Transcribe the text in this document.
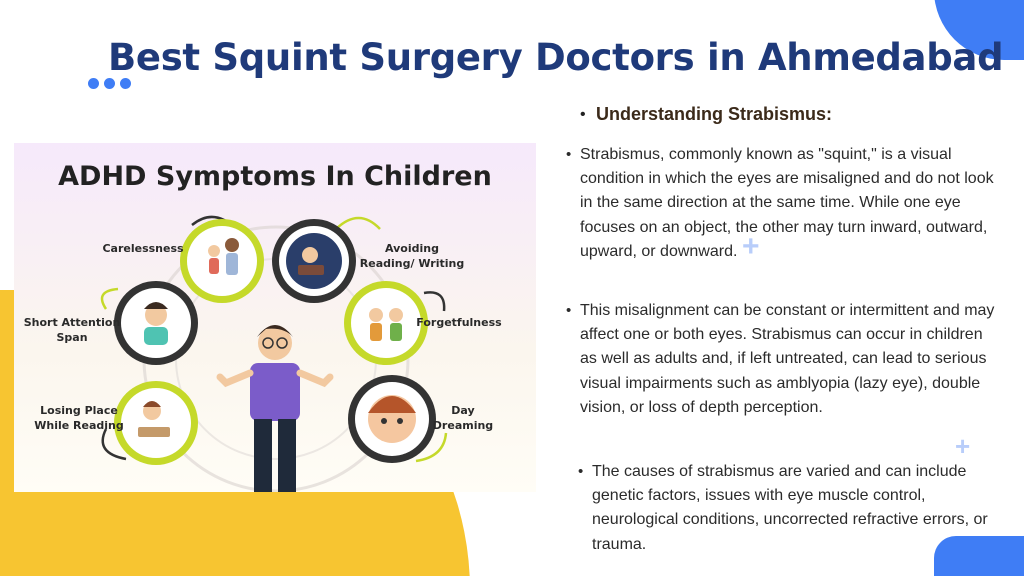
+
+
Best Squint Surgery Doctors in Ahmedabad
ADHD Symptoms In Children
Carelessness	Avoiding
Reading/ Writing
Short Attention
Span
Forgetfulness
Losing Place
While Reading
Day
Dreaming
• Understanding Strabismus:

• Strabismus, commonly known as "squint," is a visual condition in which the eyes are misaligned and do not look in the same direction at the same time. While one eye focuses on an object, the other may turn inward, outward, upward, or downward.

• This misalignment can be constant or intermittent and may affect one or both eyes. Strabismus can occur in children as well as adults and, if left untreated, can lead to serious visual impairments such as amblyopia (lazy eye), double vision, or loss of depth perception.

• The causes of strabismus are varied and can include genetic factors, issues with eye muscle control, neurological conditions, uncorrected refractive errors, or trauma.
